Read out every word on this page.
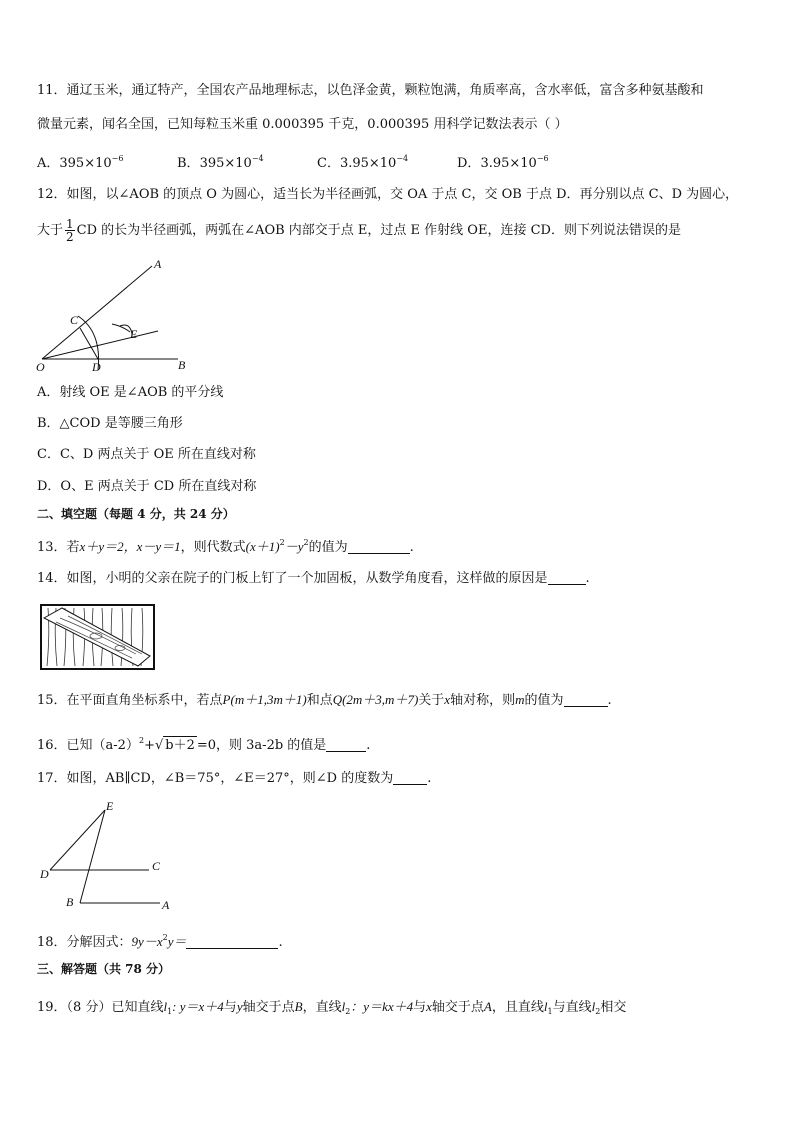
11．通辽玉米，通辽特产，全国农产品地理标志，以色泽金黄，颗粒饱满，角质率高，含水率低，富含多种氨基酸和
微量元素，闻名全国，已知每粒玉米重 0.000395 千克，0.000395 用科学记数法表示（ ）
A．$395\times 10^{-6}$	B．$395\times 10^{-4}$	C．$3.95\times 10^{-4}$	D．$3.95\times 10^{-6}$
12．如图，以∠AOB 的顶点 O 为圆心，适当长为半径画弧，交 OA 于点 C，交 OB 于点 D．再分别以点 C、D 为圆心，
大于 $\frac{1}{2}$ CD 的长为半径画弧，两弧在∠AOB 内部交于点 E，过点 E 作射线 OE，连接 CD．则下列说法错误的是
A
B
C
D
E
O
A．射线 OE 是∠AOB 的平分线
B．△COD 是等腰三角形
C．C、D 两点关于 OE 所在直线对称
D．O、E 两点关于 CD 所在直线对称
二、填空题（每题 4 分，共 24 分）
13．若x＋y＝2，x－y＝1，则代数式$(x+1)^2-y^2$的值为	.
14．如图，小明的父亲在院子的门板上钉了一个加固板，从数学角度看，这样做的原因是	.
15．在平面直角坐标系中，若点P(m＋1,3m＋1)和点Q(2m＋3,m＋7)关于x轴对称，则m的值为	.
16．已知$(a-2)^2+√$ b＋2 =0，则 3a-2b 的值是	.
17．如图，AB∥CD，∠B＝75°，∠E＝27°，则∠D 的度数为	.
E
D
C
B	A
18．分解因式：$9y-x^2y=$	.
三、解答题（共 78 分）
19．（8 分）已知直线$l_1$: y＝x＋4与y轴交于点B，直线$l_2$：y＝kx＋4与x轴交于点A，且直线$l_1$与直线$l_2$相交
